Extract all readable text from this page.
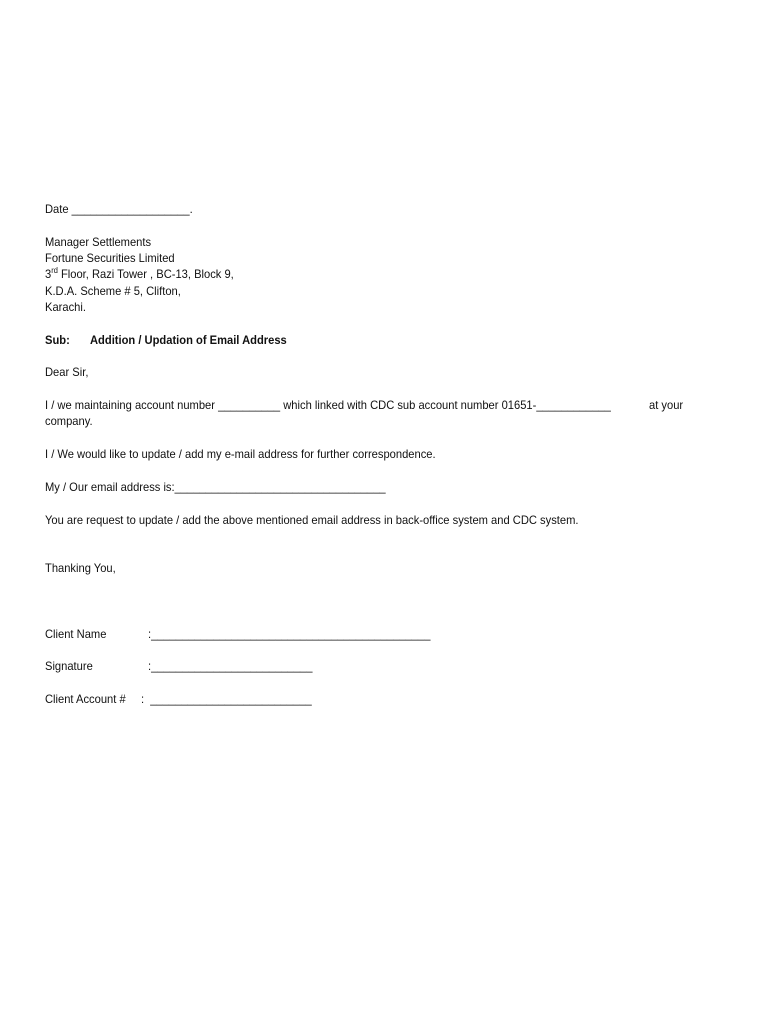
Date ___________________.
Manager Settlements
Fortune Securities Limited
3rd Floor, Razi Tower , BC-13, Block 9,
K.D.A. Scheme # 5, Clifton,
Karachi.
Sub: Addition / Updation of Email Address
Dear Sir,
I / we maintaining account number __________ which linked with CDC sub account number 01651-____________	at your
company.
I / We would like to update / add my e-mail address for further correspondence.
My / Our email address is:__________________________________
You are request to update / add the above mentioned email address in back-office system and CDC system.
Thanking You,
Client Name	:_____________________________________________
Signature	:__________________________
Client Account # :  __________________________
